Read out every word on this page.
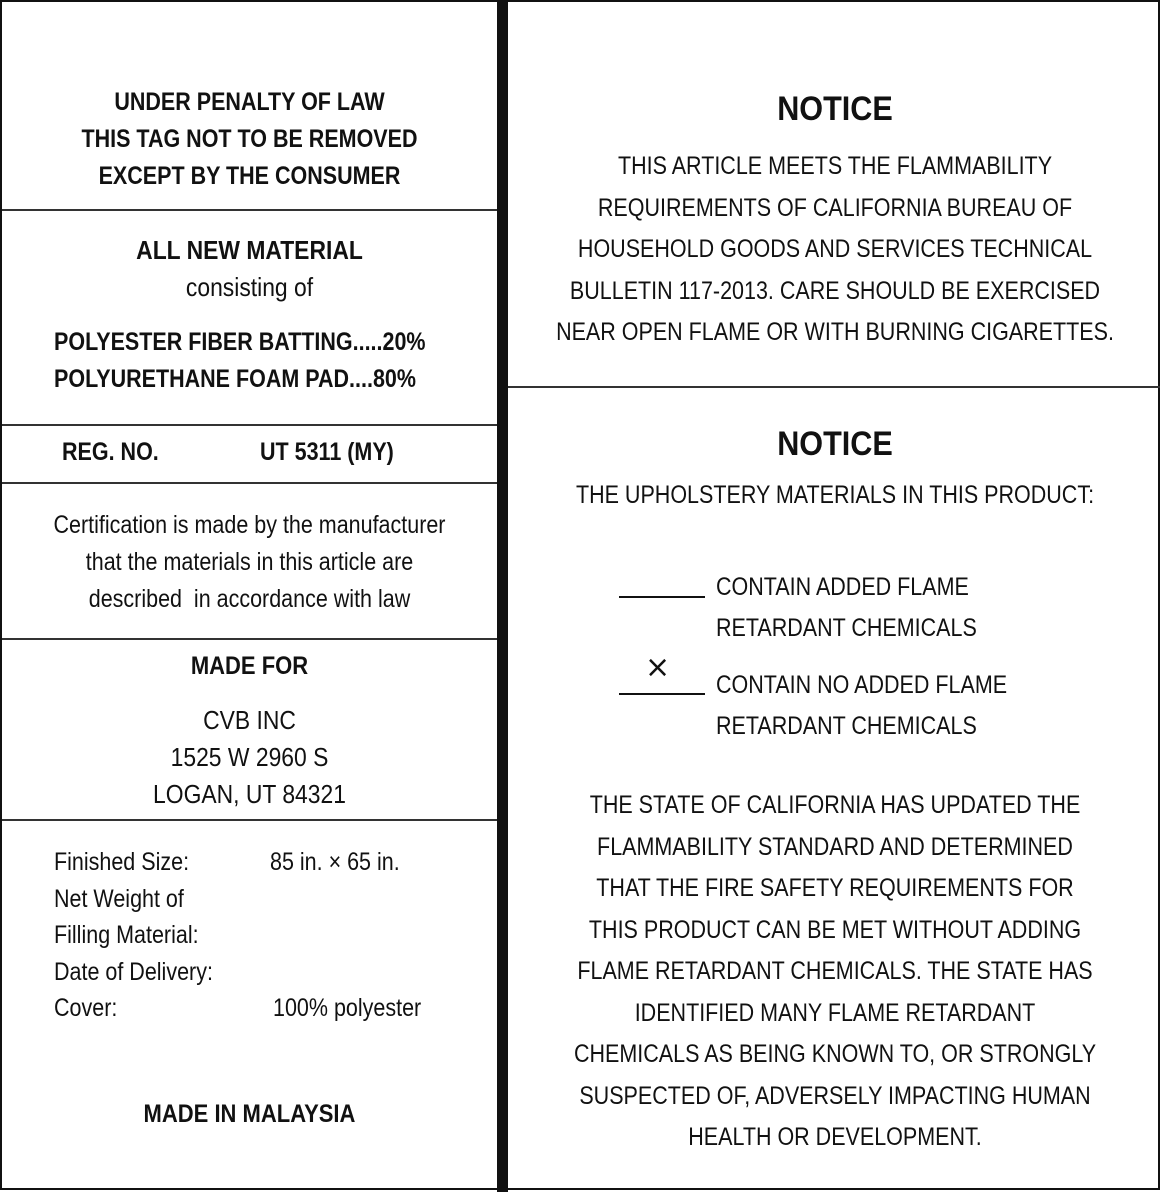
UNDER PENALTY OF LAW
THIS TAG NOT TO BE REMOVED
EXCEPT BY THE CONSUMER
ALL NEW MATERIAL
consisting of
POLYESTER FIBER BATTING.....20%
POLYURETHANE FOAM PAD....80%
REG. NO.	UT 5311 (MY)
Certification is made by the manufacturer
that the materials in this article are
described  in accordance with law
MADE FOR
CVB INC
1525 W 2960 S
LOGAN, UT 84321
Finished Size:
Net Weight of
Filling Material:
Date of Delivery:
Cover:
85 in. × 65 in.
100% polyester
MADE IN MALAYSIA
NOTICE
THIS ARTICLE MEETS THE FLAMMABILITY
REQUIREMENTS OF CALIFORNIA BUREAU OF
HOUSEHOLD GOODS AND SERVICES TECHNICAL
BULLETIN 117-2013. CARE SHOULD BE EXERCISED
NEAR OPEN FLAME OR WITH BURNING CIGARETTES.
NOTICE
THE UPHOLSTERY MATERIALS IN THIS PRODUCT:
CONTAIN ADDED FLAME
RETARDANT CHEMICALS
× CONTAIN NO ADDED FLAME
RETARDANT CHEMICALS
THE STATE OF CALIFORNIA HAS UPDATED THE
FLAMMABILITY STANDARD AND DETERMINED
THAT THE FIRE SAFETY REQUIREMENTS FOR
THIS PRODUCT CAN BE MET WITHOUT ADDING
FLAME RETARDANT CHEMICALS. THE STATE HAS
IDENTIFIED MANY FLAME RETARDANT
CHEMICALS AS BEING KNOWN TO, OR STRONGLY
SUSPECTED OF, ADVERSELY IMPACTING HUMAN
HEALTH OR DEVELOPMENT.
